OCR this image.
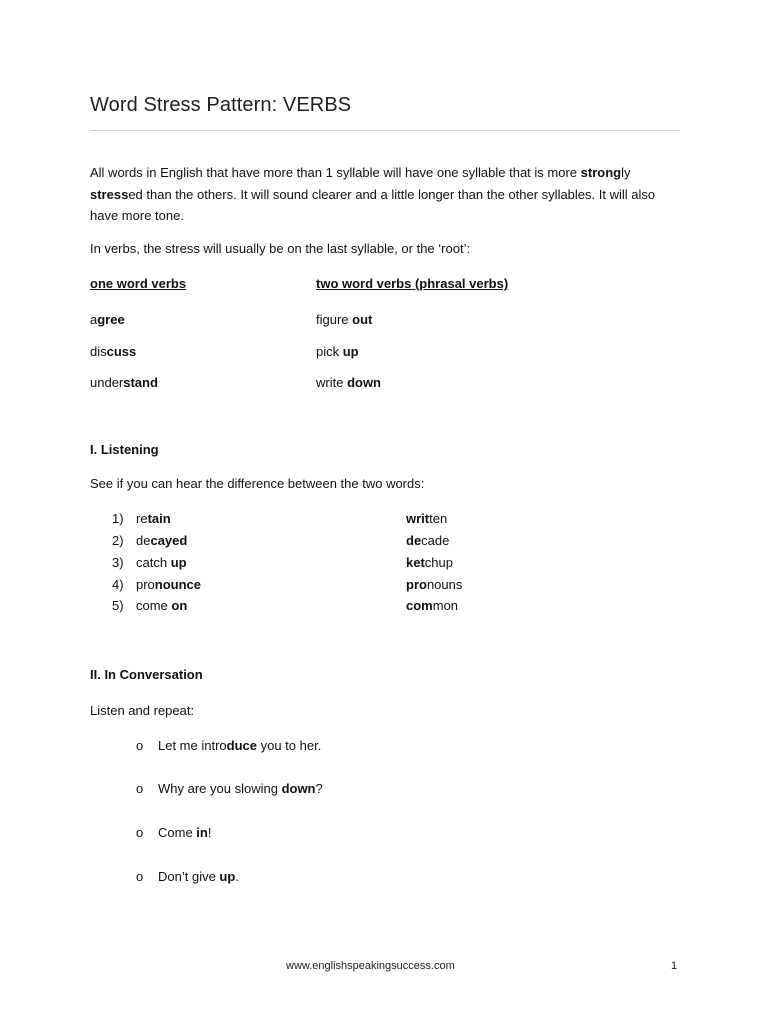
Word Stress Pattern: VERBS
All words in English that have more than 1 syllable will have one syllable that is more strongly stressed than the others. It will sound clearer and a little longer than the other syllables. It will also have more tone.
In verbs, the stress will usually be on the last syllable, or the ‘root’:
one word verbs	two word verbs (phrasal verbs)
agree	figure out
discuss	pick up
understand	write down
I. Listening
See if you can hear the difference between the two words:
1) retain	written
2) decayed	decade
3) catch up	ketchup
4) pronounce	pronouns
5) come on	common
II. In Conversation
Listen and repeat:
o Let me introduce you to her.
o Why are you slowing down?
o Come in!
o Don’t give up.
www.englishspeakingsuccess.com	1
